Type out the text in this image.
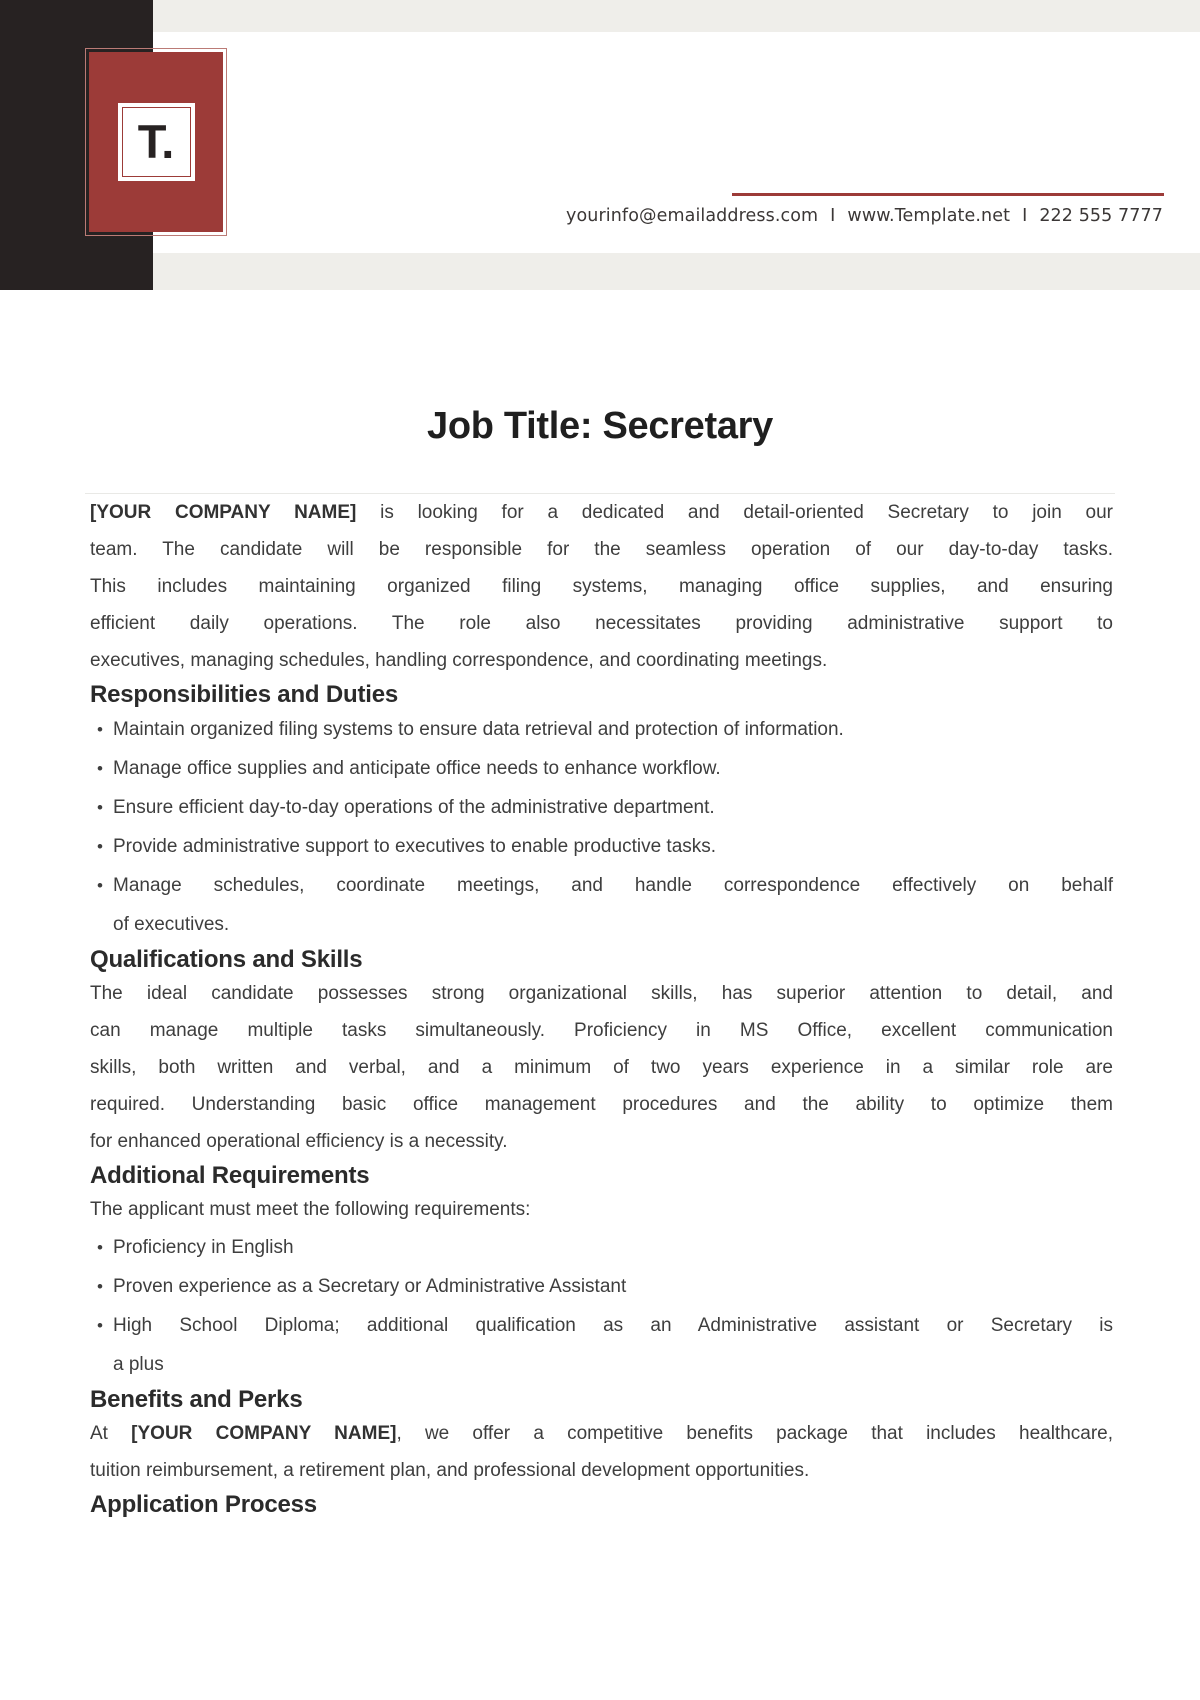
T.
yourinfo@emailaddress.com I www.Template.net I 222 555 7777
Job Title: Secretary

[YOUR COMPANY NAME] is looking for a dedicated and detail-oriented Secretary to join our
team. The candidate will be responsible for the seamless operation of our day-to-day tasks.
This includes maintaining organized filing systems, managing office supplies, and ensuring
efficient daily operations. The role also necessitates providing administrative support to
executives, managing schedules, handling correspondence, and coordinating meetings.

Responsibilities and Duties
• Maintain organized filing systems to ensure data retrieval and protection of information.
• Manage office supplies and anticipate office needs to enhance workflow.
• Ensure efficient day-to-day operations of the administrative department.
• Provide administrative support to executives to enable productive tasks.
• Manage schedules, coordinate meetings, and handle correspondence effectively on behalf
of executives.
Qualifications and Skills

The ideal candidate possesses strong organizational skills, has superior attention to detail, and
can manage multiple tasks simultaneously. Proficiency in MS Office, excellent communication
skills, both written and verbal, and a minimum of two years experience in a similar role are
required. Understanding basic office management procedures and the ability to optimize them
for enhanced operational efficiency is a necessity.

Additional Requirements

The applicant must meet the following requirements:

• Proficiency in English
• Proven experience as a Secretary or Administrative Assistant
• High School Diploma; additional qualification as an Administrative assistant or Secretary is
a plus
Benefits and Perks

At [YOUR COMPANY NAME], we offer a competitive benefits package that includes healthcare,
tuition reimbursement, a retirement plan, and professional development opportunities.

Application Process
